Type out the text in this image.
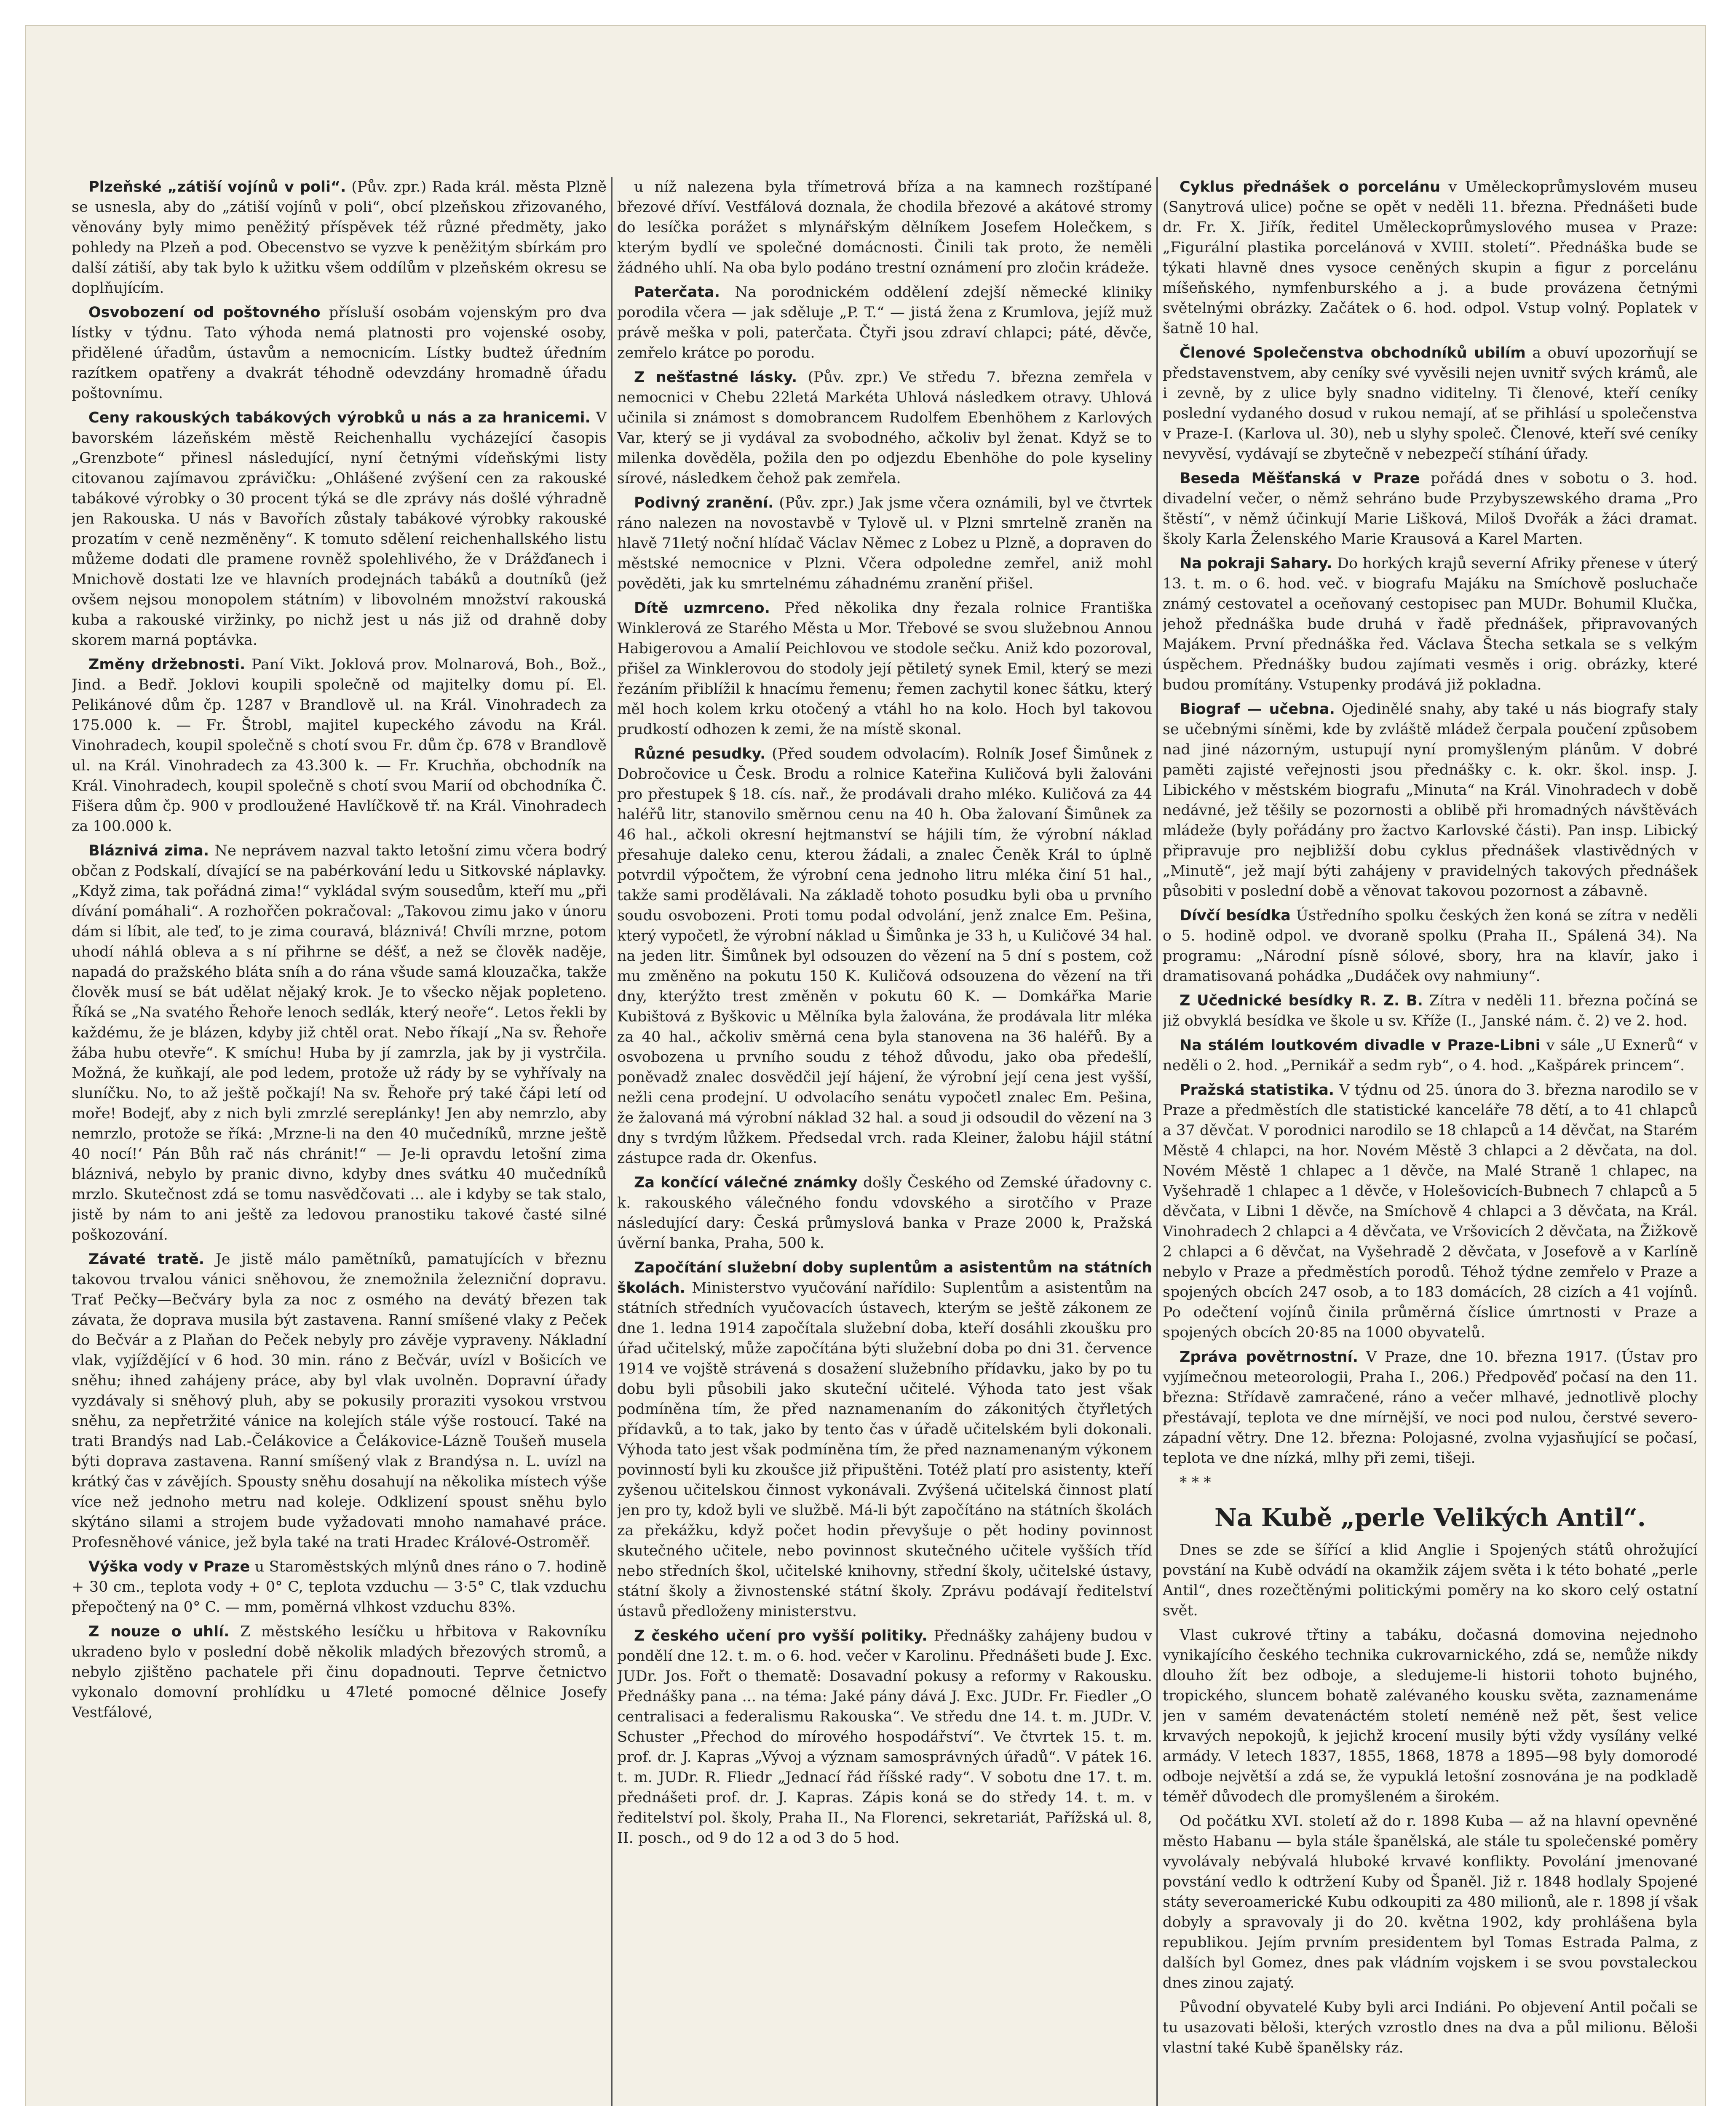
Plzeňské „zátiší vojínů v poli“. (Pův. zpr.) Rada král. města Plzně se usnesla, aby do „zátiší vojínů v poli“, obcí plzeňskou zřizovaného, věnovány byly mimo peněžitý příspěvek též různé předměty, jako pohledy na Plzeň a pod. Obecenstvo se vyzve k peněžitým sbírkám pro další zátiší, aby tak bylo k užitku všem oddílům v plzeňském okresu se doplňujícím.

Osvobození od poštovného přísluší osobám vojenským pro dva lístky v týdnu. Tato výhoda nemá platnosti pro vojenské osoby, přidělené úřadům, ústavům a nemocnicím. Lístky budtež úředním razítkem opatřeny a dvakrát téhodně odevzdány hromadně úřadu poštovnímu.

Ceny rakouských tabákových výrobků u nás a za hranicemi. V bavorském lázeňském městě Reichenhallu vycházející časopis „Grenzbote“ přinesl následující, nyní četnými vídeňskými listy citovanou zajímavou zprávičku: „Ohlášené zvýšení cen za rakouské tabákové výrobky o 30 procent týká se dle zprávy nás došlé výhradně jen Rakouska. U nás v Bavořích zůstaly tabákové výrobky rakouské prozatím v ceně nezměněny“. K tomuto sdělení reichenhallského listu můžeme dodati dle pramene rovněž spolehlivého, že v Drážďanech i Mnichově dostati lze ve hlavních prodejnách tabáků a doutníků (jež ovšem nejsou monopolem státním) v libovolném množství rakouská kuba a rakouské viržinky, po nichž jest u nás již od drahně doby skorem marná poptávka.

Změny držebnosti. Paní Vikt. Joklová prov. Molnarová, Boh., Bož., Jind. a Bedř. Joklovi koupili společně od majitelky domu pí. El. Pelikánové dům čp. 1287 v Brandlově ul. na Král. Vinohradech za 175.000 k. — Fr. Štrobl, majitel kupeckého závodu na Král. Vinohradech, koupil společně s chotí svou Fr. dům čp. 678 v Brandlově ul. na Král. Vinohradech za 43.300 k. — Fr. Kruchňa, obchodník na Král. Vinohradech, koupil společně s chotí svou Marií od obchodníka Č. Fišera dům čp. 900 v prodloužené Havlíčkově tř. na Král. Vinohradech za 100.000 k.

Bláznivá zima. Ne neprávem nazval takto letošní zimu včera bodrý občan z Podskalí, dívající se na pabérkování ledu u Sitkovské náplavky. „Když zima, tak pořádná zima!“ vykládal svým sousedům, kteří mu „při dívání pomáhali“. A rozhořčen pokračoval: „Takovou zimu jako v únoru dám si líbit, ale teď, to je zima couravá, bláznivá! Chvíli mrzne, potom uhodí náhlá obleva a s ní přihrne se déšť, a než se člověk naděje, napadá do pražského bláta sníh a do rána všude samá klouzačka, takže člověk musí se bát udělat nějaký krok. Je to všecko nějak popleteno. Říká se „Na svatého Řehoře lenoch sedlák, který neoře“. Letos řekli by každému, že je blázen, kdyby již chtěl orat. Nebo říkají „Na sv. Řehoře žába hubu otevře“. K smíchu! Huba by jí zamrzla, jak by ji vystrčila. Možná, že kuňkají, ale pod ledem, protože už rády by se vyhřívaly na sluníčku. No, to až ještě počkají! Na sv. Řehoře prý také čápi letí od moře! Bodejť, aby z nich byli zmrzlé sereplánky! Jen aby nemrzlo, aby nemrzlo, protože se říká: ‚Mrzne-li na den 40 mučedníků, mrzne ještě 40 nocí!‘ Pán Bůh rač nás chránit!“ — Je-li opravdu letošní zima bláznivá, nebylo by pranic divno, kdyby dnes svátku 40 mučedníků mrzlo. Skutečnost zdá se tomu nasvědčovati ... ale i kdyby se tak stalo, jistě by nám to ani ještě za ledovou pranostiku takové časté silné poškozování.

Závaté tratě. Je jistě málo pamětníků, pamatujících v březnu takovou trvalou vánici sněhovou, že znemožnila železniční dopravu. Trať Pečky—Bečváry byla za noc z osmého na devátý březen tak závata, že doprava musila být zastavena. Ranní smíšené vlaky z Peček do Bečvár a z Plaňan do Peček nebyly pro závěje vypraveny. Nákladní vlak, vyjíždějící v 6 hod. 30 min. ráno z Bečvár, uvízl v Bošicích ve sněhu; ihned zahájeny práce, aby byl vlak uvolněn. Dopravní úřady vyzdávaly si sněhový pluh, aby se pokusily proraziti vysokou vrstvou sněhu, za nepřetržité vánice na kolejích stále výše rostoucí. Také na trati Brandýs nad Lab.-Čelákovice a Čelákovice-Lázně Toušeň musela býti doprava zastavena. Ranní smíšený vlak z Brandýsa n. L. uvízl na krátký čas v závějích. Spousty sněhu dosahují na několika místech výše více než jednoho metru nad koleje. Odklizení spoust sněhu bylo skýtáno silami a strojem bude vyžadovati mnoho namahavé práce. Profesněhové vánice, jež byla také na trati Hradec Králové-Ostroměř.

Výška vody v Praze u Staroměstských mlýnů dnes ráno o 7. hodině + 30 cm., teplota vody + 0° C, teplota vzduchu — 3·5° C, tlak vzduchu přepočtený na 0° C. — mm, poměrná vlhkost vzduchu 83%.

Z nouze o uhlí. Z městského lesíčku u hřbitova v Rakovníku ukradeno bylo v poslední době několik mladých březových stromů, a nebylo zjištěno pachatele při činu dopadnouti. Teprve četnictvo vykonalo domovní prohlídku u 47leté pomocné dělnice Josefy Vestfálové,

u níž nalezena byla třímetrová bříza a na kamnech rozštípané březové dříví. Vestfálová doznala, že chodila březové a akátové stromy do lesíčka porážet s mlynářským dělníkem Josefem Holečkem, s kterým bydlí ve společné domácnosti. Činili tak proto, že neměli žádného uhlí. Na oba bylo podáno trestní oznámení pro zločin krádeže.

Paterčata. Na porodnickém oddělení zdejší německé kliniky porodila včera — jak sděluje „P. T.“ — jistá žena z Krumlova, jejíž muž právě meška v poli, paterčata. Čtyři jsou zdraví chlapci; páté, děvče, zemřelo krátce po porodu.

Z nešťastné lásky. (Pův. zpr.) Ve středu 7. března zemřela v nemocnici v Chebu 22letá Markéta Uhlová následkem otravy. Uhlová učinila si známost s domobrancem Rudolfem Ebenhöhem z Karlových Var, který se ji vydával za svobodného, ačkoliv byl ženat. Když se to milenka dověděla, požila den po odjezdu Ebenhöhe do pole kyseliny sírové, následkem čehož pak zemřela.

Podivný zranění. (Pův. zpr.) Jak jsme včera oznámili, byl ve čtvrtek ráno nalezen na novostavbě v Tylově ul. v Plzni smrtelně zraněn na hlavě 71letý noční hlídač Václav Němec z Lobez u Plzně, a dopraven do městské nemocnice v Plzni. Včera odpoledne zemřel, aniž mohl pověděti, jak ku smrtelnému záhadnému zranění přišel.

Dítě uzmrceno. Před několika dny řezala rolnice Františka Winklerová ze Starého Města u Mor. Třebové se svou služebnou Annou Habigerovou a Amalií Peichlovou ve stodole sečku. Aniž kdo pozoroval, přišel za Winklerovou do stodoly její pětiletý synek Emil, který se mezi řezáním přiblížil k hnacímu řemenu; řemen zachytil konec šátku, který měl hoch kolem krku otočený a vtáhl ho na kolo. Hoch byl takovou prudkostí odhozen k zemi, že na místě skonal.

Různé pesudky. (Před soudem odvolacím). Rolník Josef Šimůnek z Dobročovice u Česk. Brodu a rolnice Kateřina Kuličová byli žalováni pro přestupek § 18. cís. nař., že prodávali draho mléko. Kuličová za 44 haléřů litr, stanovilo směrnou cenu na 40 h. Oba žalovaní Šimůnek za 46 hal., ačkoli okresní hejtmanství se hájili tím, že výrobní náklad přesahuje daleko cenu, kterou žádali, a znalec Čeněk Král to úplně potvrdil výpočtem, že výrobní cena jednoho litru mléka činí 51 hal., takže sami prodělávali. Na základě tohoto posudku byli oba u prvního soudu osvobozeni. Proti tomu podal odvolání, jenž znalce Em. Pešina, který vypočetl, že výrobní náklad u Šimůnka je 33 h, u Kuličové 34 hal. na jeden litr. Šimůnek byl odsouzen do vězení na 5 dní s postem, což mu změněno na pokutu 150 K. Kuličová odsouzena do vězení na tři dny, kterýžto trest změněn v pokutu 60 K. — Domkářka Marie Kubištová z Byškovic u Mělníka byla žalována, že prodávala litr mléka za 40 hal., ačkoliv směrná cena byla stanovena na 36 haléřů. By a osvobozena u prvního soudu z téhož důvodu, jako oba předešlí, poněvadž znalec dosvědčil její hájení, že výrobní její cena jest vyšší, nežli cena prodejní. U odvolacího senátu vypočetl znalec Em. Pešina, že žalovaná má výrobní náklad 32 hal. a soud ji odsoudil do vězení na 3 dny s tvrdým lůžkem. Předsedal vrch. rada Kleiner, žalobu hájil státní zástupce rada dr. Okenfus.

Za končící válečné známky došly Českého od Zemské úřadovny c. k. rakouského válečného fondu vdovského a sirotčího v Praze následující dary: Česká průmyslová banka v Praze 2000 k, Pražská úvěrní banka, Praha, 500 k.

Započítání služební doby suplentům a asistentům na státních školách. Ministerstvo vyučování nařídilo: Suplentům a asistentům na státních středních vyučovacích ústavech, kterým se ještě zákonem ze dne 1. ledna 1914 započítala služební doba, kteří dosáhli zkoušku pro úřad učitelský, může započítána býti služební doba po dni 31. července 1914 ve vojště strávená s dosažení služebního přídavku, jako by po tu dobu byli působili jako skuteční učitelé. Výhoda tato jest však podmíněna tím, že před naznamenaním do zákonitých čtyřletých přídavků, a to tak, jako by tento čas v úřadě učitelském byli dokonali. Výhoda tato jest však podmíněna tím, že před naznamenaným výkonem povinností byli ku zkoušce již připuštěni. Totéž platí pro asistenty, kteří zyšenou učitelskou činnost vykonávali. Zvýšená učitelská činnost platí jen pro ty, kdož byli ve službě. Má-li být započítáno na státních školách za překážku, když počet hodin převyšuje o pět hodiny povinnost skutečného učitele, nebo povinnost skutečného učitele vyšších tříd nebo středních škol, učitelské knihovny, střední školy, učitelské ústavy, státní školy a živnostenské státní školy. Zprávu podávají ředitelství ústavů předloženy ministerstvu.

Z českého učení pro vyšší politiky. Přednášky zahájeny budou v pondělí dne 12. t. m. o 6. hod. večer v Karolinu. Přednášeti bude J. Exc. JUDr. Jos. Fořt o thematě: Dosavadní pokusy a reformy v Rakousku. Přednášky pana ... na téma: Jaké pány dává J. Exc. JUDr. Fr. Fiedler „O centralisaci a federalismu Rakouska“. Ve středu dne 14. t. m. JUDr. V. Schuster „Přechod do mírového hospodářství“. Ve čtvrtek 15. t. m. prof. dr. J. Kapras „Vývoj a význam samosprávných úřadů“. V pátek 16. t. m. JUDr. R. Fliedr „Jednací řád říšské rady“. V sobotu dne 17. t. m. přednášeti prof. dr. J. Kapras. Zápis koná se do středy 14. t. m. v ředitelství pol. školy, Praha II., Na Florenci, sekretariát, Pařížská ul. 8, II. posch., od 9 do 12 a od 3 do 5 hod.

Cyklus přednášek o porcelánu v Uměleckoprůmyslovém museu (Sanytrová ulice) počne se opět v neděli 11. března. Přednášeti bude dr. Fr. X. Jiřík, ředitel Uměleckoprůmyslového musea v Praze: „Figurální plastika porcelánová v XVIII. století“. Přednáška bude se týkati hlavně dnes vysoce ceněných skupin a figur z porcelánu míšeňského, nymfenburského a j. a bude provázena četnými světelnými obrázky. Začátek o 6. hod. odpol. Vstup volný. Poplatek v šatně 10 hal.

Členové Společenstva obchodníků ubilím a obuví upozorňují se představenstvem, aby ceníky své vyvěsili nejen uvnitř svých krámů, ale i zevně, by z ulice byly snadno viditelny. Ti členové, kteří ceníky poslední vydaného dosud v rukou nemají, ať se přihlásí u společenstva v Praze-I. (Karlova ul. 30), neb u slyhy společ. Členové, kteří své ceníky nevyvěsí, vydávají se zbytečně v nebezpečí stíhání úřady.

Beseda Měšťanská v Praze pořádá dnes v sobotu o 3. hod. divadelní večer, o němž sehráno bude Przybyszewského drama „Pro štěstí“, v němž účinkují Marie Lišková, Miloš Dvořák a žáci dramat. školy Karla Želenského Marie Krausová a Karel Marten.

Na pokraji Sahary. Do horkých krajů severní Afriky přenese v úterý 13. t. m. o 6. hod. več. v biografu Majáku na Smíchově posluchače známý cestovatel a oceňovaný cestopisec pan MUDr. Bohumil Klučka, jehož přednáška bude druhá v řadě přednášek, připravovaných Majákem. První přednáška řed. Václava Štecha setkala se s velkým úspěchem. Přednášky budou zajímati vesměs i orig. obrázky, které budou promítány. Vstupenky prodává již pokladna.

Biograf — učebna. Ojedinělé snahy, aby také u nás biografy staly se učebnými síněmi, kde by zvláště mládež čerpala poučení způsobem nad jiné názorným, ustupují nyní promyšleným plánům. V dobré paměti zajisté veřejnosti jsou přednášky c. k. okr. škol. insp. J. Libického v městském biografu „Minuta“ na Král. Vinohradech v době nedávné, jež těšily se pozornosti a oblibě při hromadných návštěvách mládeže (byly pořádány pro žactvo Karlovské části). Pan insp. Libický připravuje pro nejbližší dobu cyklus přednášek vlastivědných v „Minutě“, jež mají býti zahájeny v pravidelných takových přednášek působiti v poslední době a věnovat takovou pozornost a zábavně.

Dívčí besídka Ústředního spolku českých žen koná se zítra v neděli o 5. hodině odpol. ve dvoraně spolku (Praha II., Spálená 34). Na programu: „Národní písně sólové, sbory, hra na klavír, jako i dramatisovaná pohádka „Dudáček ovy nahmiuny“.

Z Učednické besídky R. Z. B. Zítra v neděli 11. března počíná se již obvyklá besídka ve škole u sv. Kříže (I., Janské nám. č. 2) ve 2. hod.

Na stálém loutkovém divadle v Praze-Libni v sále „U Exnerů“ v neděli o 2. hod. „Pernikář a sedm ryb“, o 4. hod. „Kašpárek princem“.

Pražská statistika. V týdnu od 25. února do 3. března narodilo se v Praze a předměstích dle statistické kanceláře 78 dětí, a to 41 chlapců a 37 děvčat. V porodnici narodilo se 18 chlapců a 14 děvčat, na Starém Městě 4 chlapci, na hor. Novém Městě 3 chlapci a 2 děvčata, na dol. Novém Městě 1 chlapec a 1 děvče, na Malé Straně 1 chlapec, na Vyšehradě 1 chlapec a 1 děvče, v Holešovicích-Bubnech 7 chlapců a 5 děvčata, v Libni 1 děvče, na Smíchově 4 chlapci a 3 děvčata, na Král. Vinohradech 2 chlapci a 4 děvčata, ve Vršovicích 2 děvčata, na Žižkově 2 chlapci a 6 děvčat, na Vyšehradě 2 děvčata, v Josefově a v Karlíně nebylo v Praze a předměstích porodů. Téhož týdne zemřelo v Praze a spojených obcích 247 osob, a to 183 domácích, 28 cizích a 41 vojínů. Po odečtení vojínů činila průměrná číslice úmrtnosti v Praze a spojených obcích 20·85 na 1000 obyvatelů.

Zpráva povětrnostní. V Praze, dne 10. března 1917. (Ústav pro vyjímečnou meteorologii, Praha I., 206.) Předpověď počasí na den 11. března: Střídavě zamračené, ráno a večer mlhavé, jednotlivě plochy přestávají, teplota ve dne mírnější, ve noci pod nulou, čerstvé severo-západní větry. Dne 12. března: Polojasné, zvolna vyjasňující se počasí, teplota ve dne nízká, mlhy při zemi, tišeji.

* * *

Na Kubě „perle Velikých Antil“.

Dnes se zde se šířící a klid Anglie i Spojených států ohrožující povstání na Kubě odvádí na okamžik zájem světa i k této bohaté „perle Antil“, dnes rozečtěnými politickými poměry na ko skoro celý ostatní svět.

Vlast cukrové třtiny a tabáku, dočasná domovina nejednoho vynikajícího českého technika cukrovarnického, zdá se, nemůže nikdy dlouho žít bez odboje, a sledujeme-li historii tohoto bujného, tropického, sluncem bohatě zalévaného kousku světa, zaznamenáme jen v samém devatenáctém století neméně než pět, šest velice krvavých nepokojů, k jejichž krocení musily býti vždy vysílány velké armády. V letech 1837, 1855, 1868, 1878 a 1895—98 byly domorodé odboje největší a zdá se, že vypuklá letošní zosnována je na podkladě téměř důvodech dle promyšleném a širokém.

Od počátku XVI. století až do r. 1898 Kuba — až na hlavní opevněné město Habanu — byla stále španělská, ale stále tu společenské poměry vyvolávaly nebývalá hluboké krvavé konflikty. Povolání jmenované povstání vedlo k odtržení Kuby od Španěl. Již r. 1848 hodlaly Spojené státy severoamerické Kubu odkoupiti za 480 milionů, ale r. 1898 jí však dobyly a spravovaly ji do 20. května 1902, kdy prohlášena byla republikou. Jejím prvním presidentem byl Tomas Estrada Palma, z dalších byl Gomez, dnes pak vládním vojskem i se svou povstaleckou dnes zinou zajatý.

Původní obyvatelé Kuby byli arci Indiáni. Po objevení Antil počali se tu usazovati běloši, kterých vzrostlo dnes na dva a půl milionu. Běloši vlastní také Kubě španělsky ráz.
